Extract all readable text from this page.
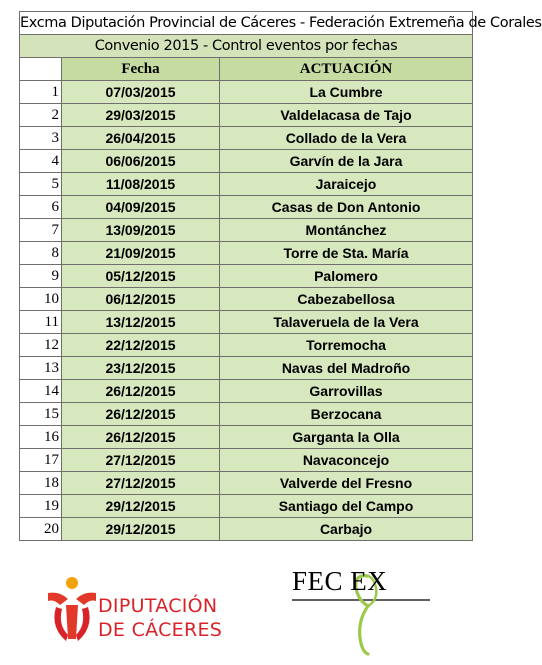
Excma Diputación Provincial de Cáceres - Federación Extremeña de Corales		
Convenio 2015 - Control eventos por fechas		
	Fecha	ACTUACIÓN
1	07/03/2015	La Cumbre
2	29/03/2015	Valdelacasa de Tajo
3	26/04/2015	Collado de la Vera
4	06/06/2015	Garvín de la Jara
5	11/08/2015	Jaraicejo
6	04/09/2015	Casas de Don Antonio
7	13/09/2015	Montánchez
8	21/09/2015	Torre de Sta. María
9	05/12/2015	Palomero
10	06/12/2015	Cabezabellosa
11	13/12/2015	Talaveruela de la Vera
12	22/12/2015	Torremocha
13	23/12/2015	Navas del Madroño
14	26/12/2015	Garrovillas
15	26/12/2015	Berzocana
16	26/12/2015	Garganta la Olla
17	27/12/2015	Navaconcejo
18	27/12/2015	Valverde del Fresno
19	29/12/2015	Santiago del Campo
20	29/12/2015	Carbajo
DIPUTACIÓN
DE CÁCERES
FEC EX
